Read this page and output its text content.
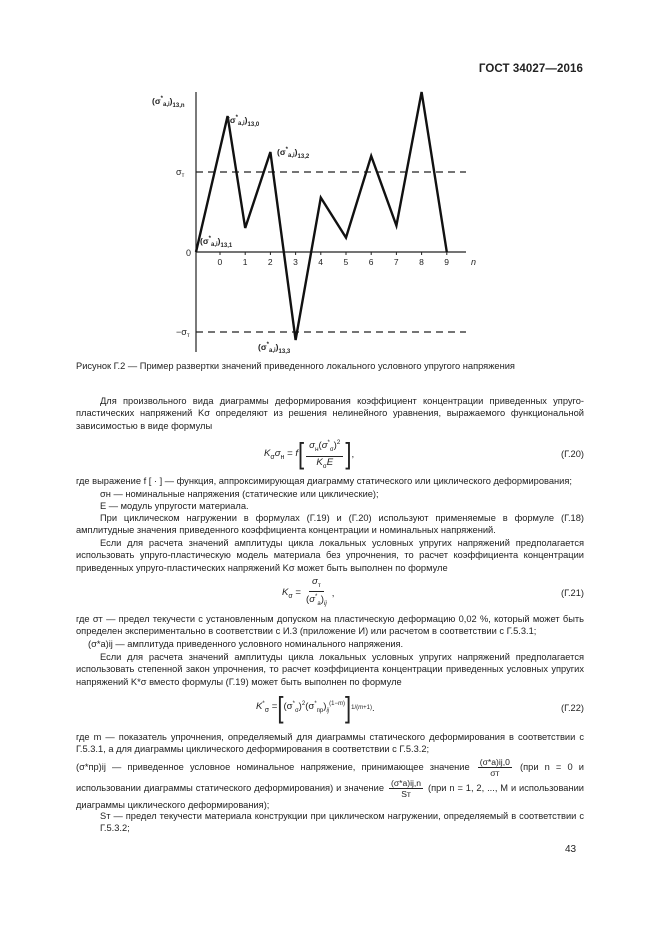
ГОСТ 34027—2016
0 1 2 3 4 5 6 7 8 9
$(\sigma^*_{a,i})_{13,n}$
$\sigma_т$
0
$-\sigma_т$
$(\sigma^*_{a,i})_{13,0}$
$(\sigma^*_{a,i})_{13,2}$
$(\sigma^*_{a,i})_{13,1}$
$(\sigma^*_{a,i})_{13,3}$
n
Рисунок Г.2 — Пример развертки значений приведенного локального условного упругого напряжения

Для произвольного вида диаграммы деформирования коэффициент концентрации приведенных упруго-пластических напряжений Kσ определяют из решения нелинейного уравнения, выражаемого функциональной зависимостью в виде формулы

$K_\sigma\sigma_н = f$ [ $\frac{\sigma_н(\sigma^*_\sigma)^2}{K_\sigma E}$ ] ,	(Г.20)

где выражение f [ · ] — функция, аппроксимирующая диаграмму статического или циклического деформирования;

σн — номинальные напряжения (статические или циклические);

E — модуль упругости материала.

При циклическом нагружении в формулах (Г.19) и (Г.20) используют применяемые в формуле (Г.18) амплитудные значения приведенного коэффициента концентрации и номинальных напряжений.

Если для расчета значений амплитуды цикла локальных условных упругих напряжений предполагается использовать упруго-пластическую модель материала без упрочнения, то расчет коэффициента концентрации приведенных упруго-пластических напряжений Kσ может быть выполнен по формуле

$K_\sigma = \frac{\sigma_т}{(\sigma^*_a)_{ij}}$ ,	(Г.21)

где σт — предел текучести с установленным допуском на пластическую деформацию 0,02 %, который может быть определен экспериментально в соответствии с И.3 (приложение И) или расчетом в соответствии с Г.5.3.1;

(σ*a)ij — амплитуда приведенного условного номинального напряжения.

Если для расчета значений амплитуды цикла локальных условных упругих напряжений предполагается использовать степенной закон упрочнения, то расчет коэффициента концентрации приведенных условных упругих напряжений K*σ вместо формулы (Г.19) может быть выполнен по формуле

$K^*_\sigma$ = [ $(\sigma^*_\sigma)^2(\sigma^*_{пр})_{ij}^{(1-m)}$ ] 1/(m+1) .	(Г.22)

где m — показатель упрочнения, определяемый для диаграммы статического деформирования в соответствии с Г.5.3.1, а для диаграммы циклического деформирования в соответствии с Г.5.3.2;

(σ*пр)ij — приведенное условное номинальное напряжение, принимающее значение $\frac{(\sigma*a)ij,0}{\sigma т} (при$ n = 0 и использовании диаграммы статического деформирования) и значение $\frac{(\sigma*a)ij,n}{Sт} (при$ n = 1, 2, ..., M и использовании диаграммы циклического деформирования);

Sт — предел текучести материала конструкции при циклическом нагружении, определяемый в соответствии с Г.5.3.2;

43
